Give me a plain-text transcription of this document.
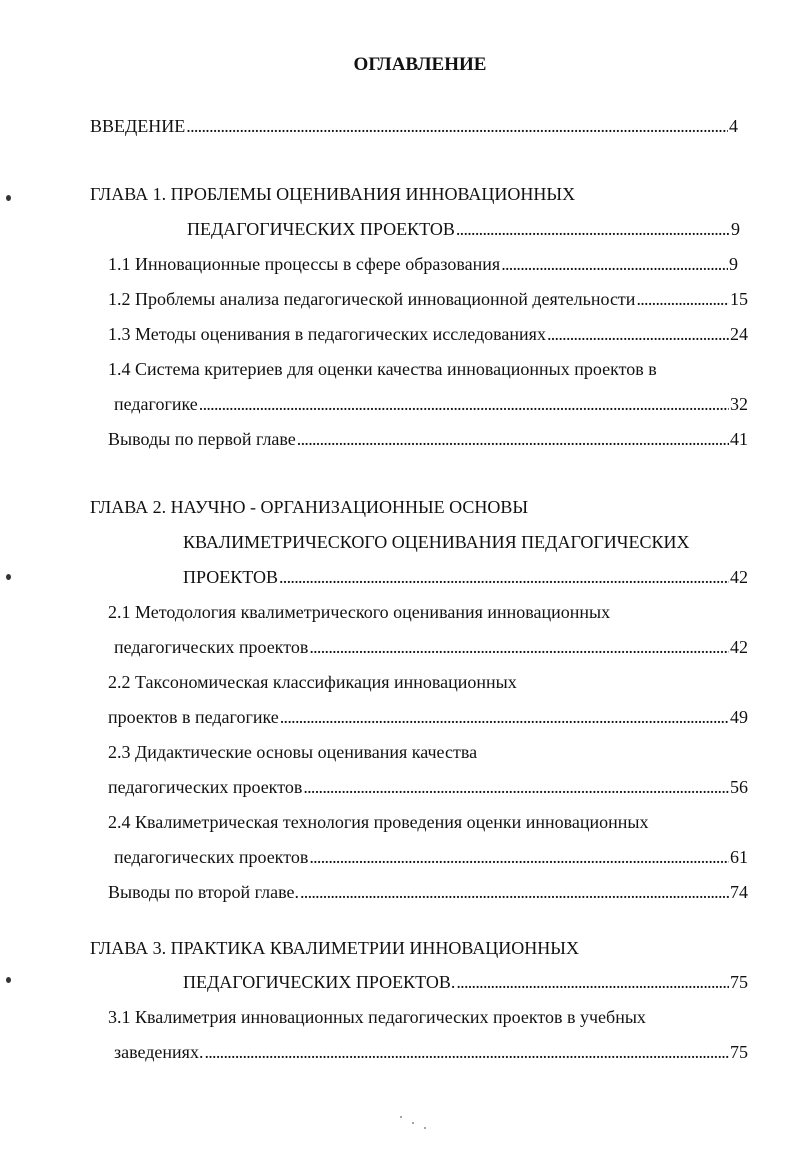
ОГЛАВЛЕНИЕ
ВВЕДЕНИЕ . . .	4
ГЛАВА 1. ПРОБЛЕМЫ ОЦЕНИВАНИЯ ИННОВАЦИОННЫХ
ПЕДАГОГИЧЕСКИХ ПРОЕКТОВ . . .	9
1.1 Инновационные процессы в сфере образования . . .	9
1.2 Проблемы анализа педагогической инновационной деятельности . . .	15
1.3 Методы оценивания в педагогических исследованиях . . .	24
1.4 Система критериев для оценки качества инновационных проектов в
педагогике . . .	32
Выводы по первой главе . . .	41
ГЛАВА 2. НАУЧНО - ОРГАНИЗАЦИОННЫЕ ОСНОВЫ
КВАЛИМЕТРИЧЕСКОГО ОЦЕНИВАНИЯ ПЕДАГОГИЧЕСКИХ
ПРОЕКТОВ . . .	42
2.1 Методология квалиметрического оценивания инновационных
педагогических проектов . . .	42
2.2 Таксономическая классификация инновационных
проектов в педагогике . . .	49
2.3 Дидактические основы оценивания качества
педагогических проектов . . .	56
2.4 Квалиметрическая технология проведения оценки инновационных
педагогических проектов . . .	61
Выводы по второй главе. . . .	74
ГЛАВА 3. ПРАКТИКА КВАЛИМЕТРИИ ИННОВАЦИОННЫХ
ПЕДАГОГИЧЕСКИХ ПРОЕКТОВ. . . .	75
3.1 Квалиметрия инновационных педагогических проектов в учебных
заведениях. . . .	75
